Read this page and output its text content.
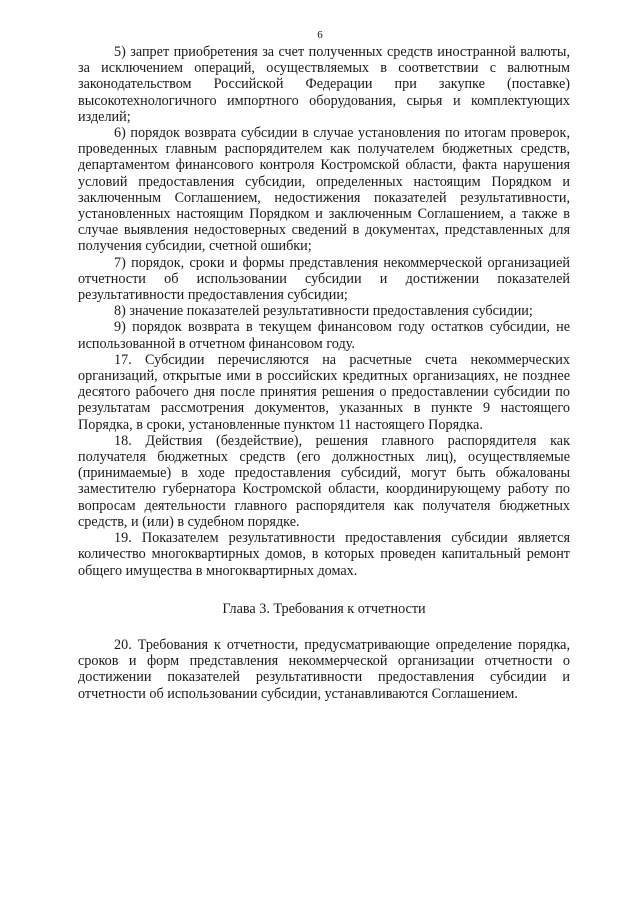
6

5) запрет приобретения за счет полученных средств иностранной валюты, за исключением операций, осуществляемых в соответствии с валютным законодательством Российской Федерации при закупке (поставке) высокотехнологичного импортного оборудования, сырья и комплектующих изделий;

6) порядок возврата субсидии в случае установления по итогам проверок, проведенных главным распорядителем как получателем бюджетных средств, департаментом финансового контроля Костромской области, факта нарушения условий предоставления субсидии, определенных настоящим Порядком и заключенным Соглашением, недостижения показателей результативности, установленных настоящим Порядком и заключенным Соглашением, а также в случае выявления недостоверных сведений в документах, представленных для получения субсидии, счетной ошибки;

7) порядок, сроки и формы представления некоммерческой организацией отчетности об использовании субсидии и достижении показателей результативности предоставления субсидии;

8) значение показателей результативности предоставления субсидии;

9) порядок возврата в текущем финансовом году остатков субсидии, не использованной в отчетном финансовом году.

17. Субсидии перечисляются на расчетные счета некоммерческих организаций, открытые ими в российских кредитных организациях, не позднее десятого рабочего дня после принятия решения о предоставлении субсидии по результатам рассмотрения документов, указанных в пункте 9 настоящего Порядка, в сроки, установленные пунктом 11 настоящего Порядка.

18. Действия (бездействие), решения главного распорядителя как получателя бюджетных средств (его должностных лиц), осуществляемые (принимаемые) в ходе предоставления субсидий, могут быть обжалованы заместителю губернатора Костромской области, координирующему работу по вопросам деятельности главного распорядителя как получателя бюджетных средств, и (или) в судебном порядке.

19. Показателем результативности предоставления субсидии является количество многоквартирных домов, в которых проведен капитальный ремонт общего имущества в многоквартирных домах.

Глава 3. Требования к отчетности

20. Требования к отчетности, предусматривающие определение порядка, сроков и форм представления некоммерческой организации отчетности о достижении показателей результативности предоставления субсидии и отчетности об использовании субсидии, устанавливаются Соглашением.
